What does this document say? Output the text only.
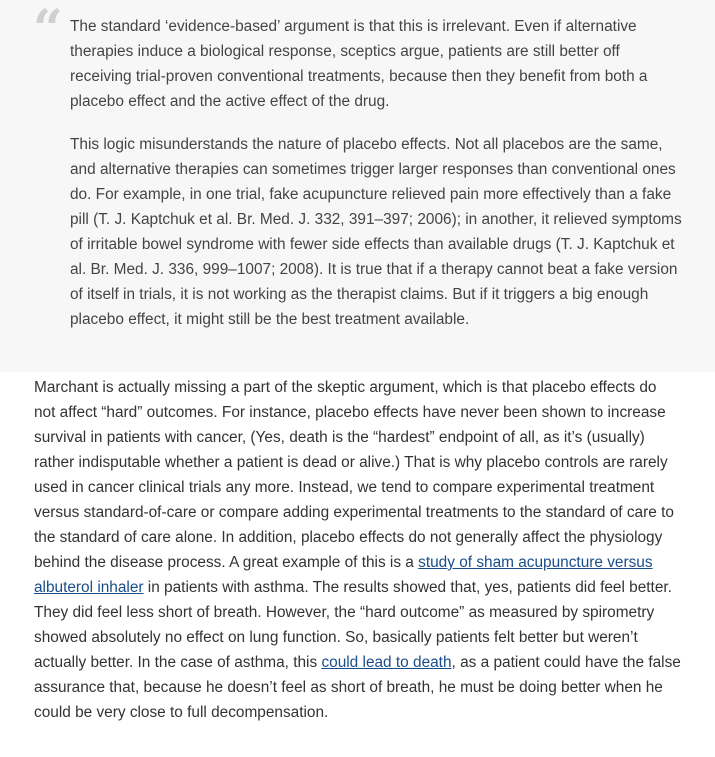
“ The standard ‘evidence-based’ argument is that this is irrelevant. Even if alternative therapies induce a biological response, sceptics argue, patients are still better off receiving trial-proven conventional treatments, because then they benefit from both a placebo effect and the active effect of the drug.

This logic misunderstands the nature of placebo effects. Not all placebos are the same, and alternative therapies can sometimes trigger larger responses than conventional ones do. For example, in one trial, fake acupuncture relieved pain more effectively than a fake pill (T. J. Kaptchuk et al. Br. Med. J. 332, 391–397; 2006); in another, it relieved symptoms of irritable bowel syndrome with fewer side effects than available drugs (T. J. Kaptchuk et al. Br. Med. J. 336, 999–1007; 2008). It is true that if a therapy cannot beat a fake version of itself in trials, it is not working as the therapist claims. But if it triggers a big enough placebo effect, it might still be the best treatment available.

Marchant is actually missing a part of the skeptic argument, which is that placebo effects do not affect “hard” outcomes. For instance, placebo effects have never been shown to increase survival in patients with cancer, (Yes, death is the “hardest” endpoint of all, as it’s (usually) rather indisputable whether a patient is dead or alive.) That is why placebo controls are rarely used in cancer clinical trials any more. Instead, we tend to compare experimental treatment versus standard-of-care or compare adding experimental treatments to the standard of care to the standard of care alone. In addition, placebo effects do not generally affect the physiology behind the disease process. A great example of this is a study of sham acupuncture versus albuterol inhaler in patients with asthma. The results showed that, yes, patients did feel better. They did feel less short of breath. However, the “hard outcome” as measured by spirometry showed absolutely no effect on lung function. So, basically patients felt better but weren’t actually better. In the case of asthma, this could lead to death, as a patient could have the false assurance that, because he doesn’t feel as short of breath, he must be doing better when he could be very close to full decompensation.
